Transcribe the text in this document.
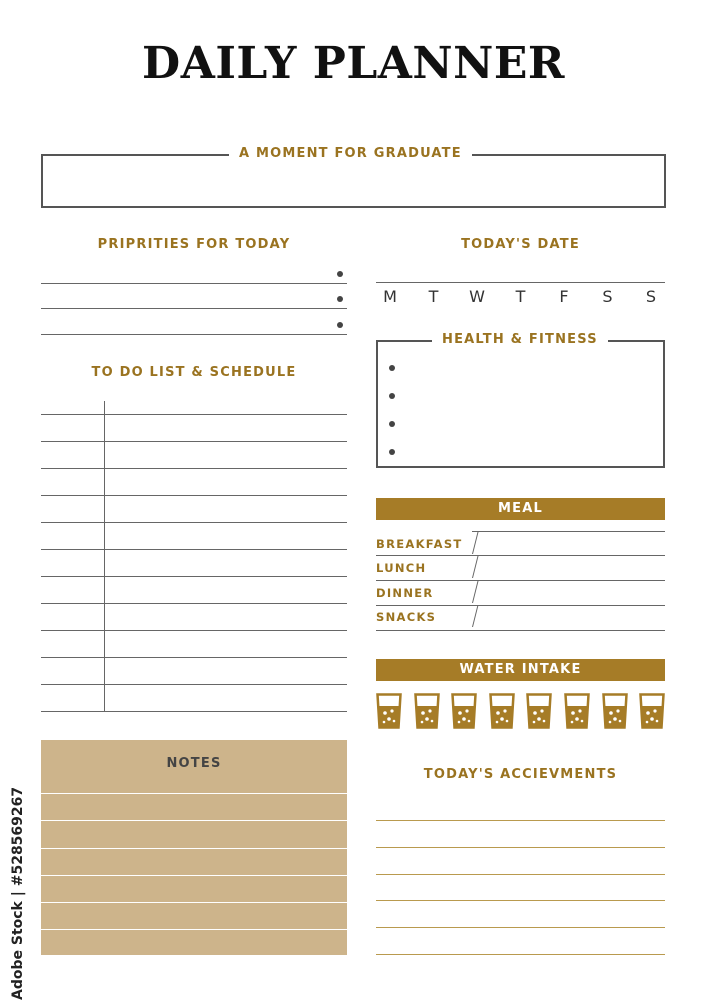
DAILY PLANNER
A MOMENT FOR GRADUATE
PRIPRITIES FOR TODAY	TODAY'S DATE
M	T	W	T	F	S	S
TO DO LIST & SCHEDULE
HEALTH & FITNESS
MEAL
BREAKFAST
LUNCH
DINNER
SNACKS
WATER INTAKE
NOTES
TODAY'S ACCIEVMENTS
Adobe Stock | #528569267
